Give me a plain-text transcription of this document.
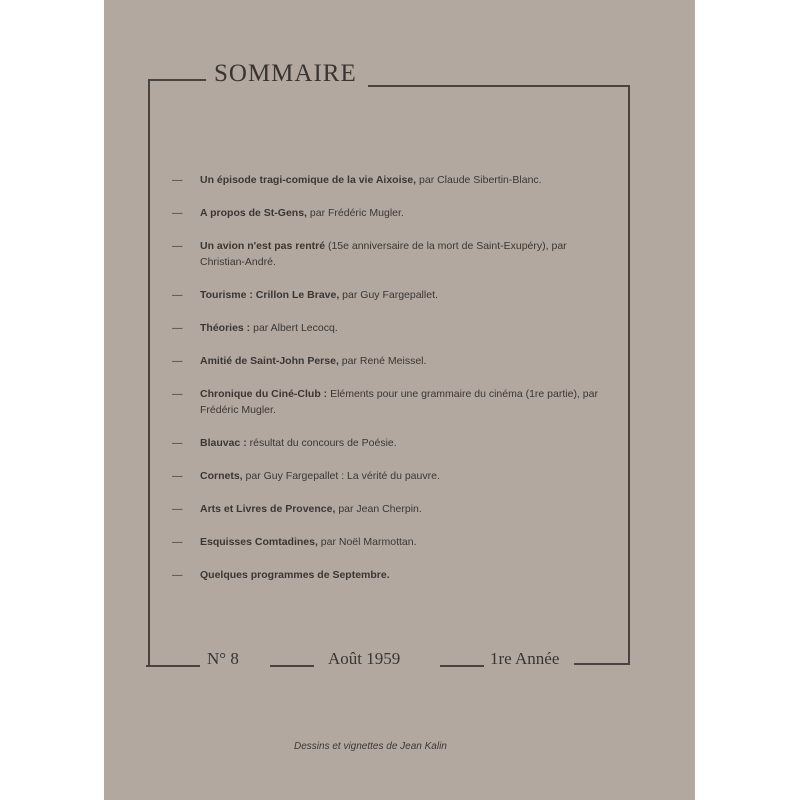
SOMMAIRE
— Un épisode tragi-comique de la vie Aixoise, par Claude Sibertin-Blanc.
— A propos de St-Gens, par Frédéric Mugler.
— Un avion n'est pas rentré (15e anniversaire de la mort de Saint-Exupéry), par Christian-André.
— Tourisme : Crillon Le Brave, par Guy Fargepallet.
— Théories : par Albert Lecocq.
— Amitié de Saint-John Perse, par René Meissel.
— Chronique du Ciné-Club : Eléments pour une grammaire du cinéma (1re partie), par Frédéric Mugler.
— Blauvac : résultat du concours de Poésie.
— Cornets, par Guy Fargepallet : La vérité du pauvre.
— Arts et Livres de Provence, par Jean Cherpin.
— Esquisses Comtadines, par Noël Marmottan.
— Quelques programmes de Septembre.
N° 8	Août 1959	1re Année
Dessins et vignettes de Jean Kalin
